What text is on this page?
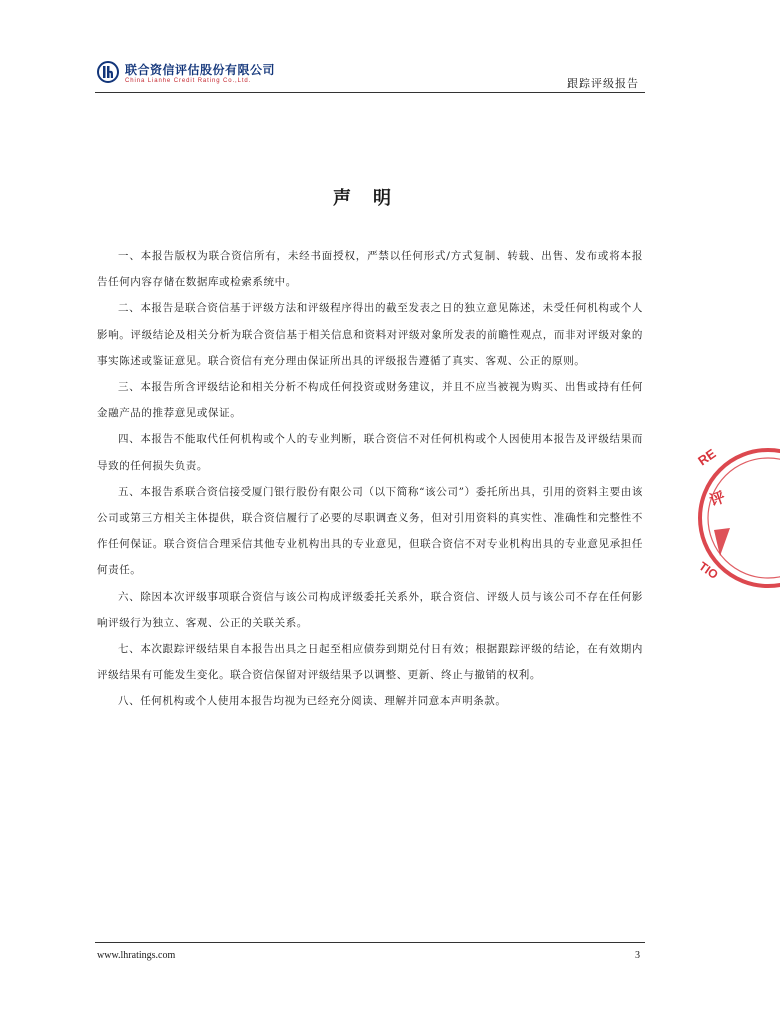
联合资信评估股份有限公司
China Lianhe Credit Rating Co.,Ltd.	跟踪评级报告
声明

一、本报告版权为联合资信所有，未经书面授权，严禁以任何形式/方式复制、转载、出售、发布或将本报告任何内容存储在数据库或检索系统中。

二、本报告是联合资信基于评级方法和评级程序得出的截至发表之日的独立意见陈述，未受任何机构或个人影响。评级结论及相关分析为联合资信基于相关信息和资料对评级对象所发表的前瞻性观点，而非对评级对象的事实陈述或鉴证意见。联合资信有充分理由保证所出具的评级报告遵循了真实、客观、公正的原则。

三、本报告所含评级结论和相关分析不构成任何投资或财务建议，并且不应当被视为购买、出售或持有任何金融产品的推荐意见或保证。

四、本报告不能取代任何机构或个人的专业判断，联合资信不对任何机构或个人因使用本报告及评级结果而导致的任何损失负责。

五、本报告系联合资信接受厦门银行股份有限公司（以下简称“该公司”）委托所出具，引用的资料主要由该公司或第三方相关主体提供，联合资信履行了必要的尽职调查义务，但对引用资料的真实性、准确性和完整性不作任何保证。联合资信合理采信其他专业机构出具的专业意见，但联合资信不对专业机构出具的专业意见承担任何责任。

六、除因本次评级事项联合资信与该公司构成评级委托关系外，联合资信、评级人员与该公司不存在任何影响评级行为独立、客观、公正的关联关系。

七、本次跟踪评级结果自本报告出具之日起至相应债券到期兑付日有效；根据跟踪评级的结论，在有效期内评级结果有可能发生变化。联合资信保留对评级结果予以调整、更新、终止与撤销的权利。

八、任何机构或个人使用本报告均视为已经充分阅读、理解并同意本声明条款。

RE
评
TIO
www.lhratings.com	3
